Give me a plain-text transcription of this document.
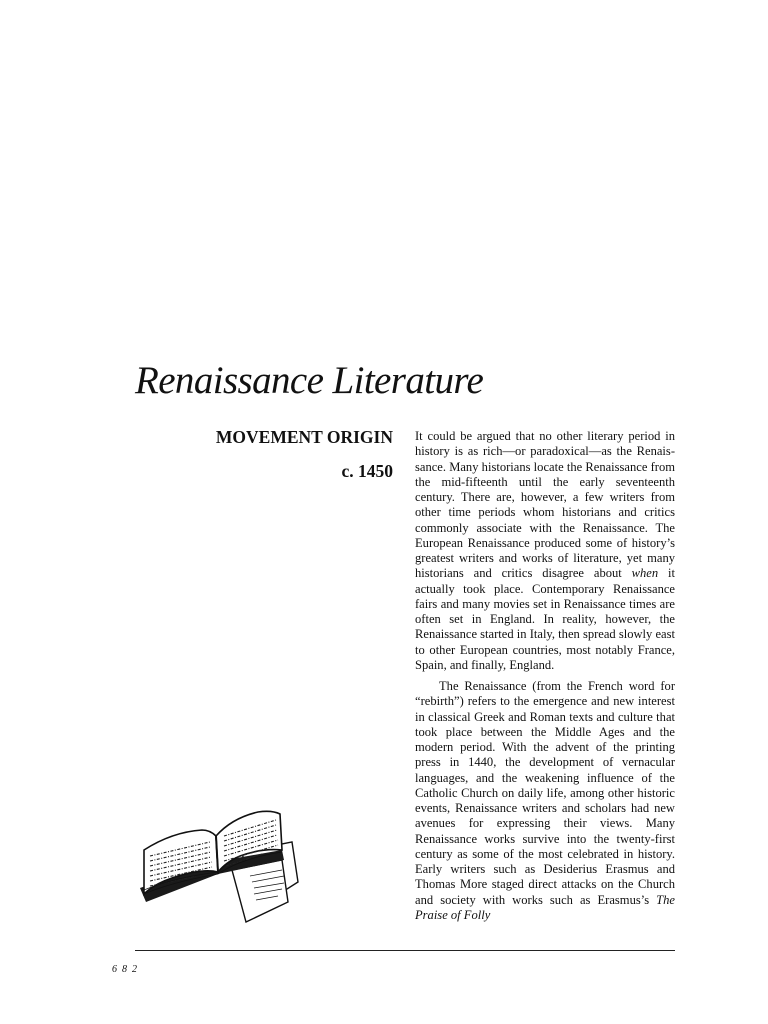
Renaissance Literature
MOVEMENT ORIGIN
c. 1450

It could be argued that no other literary period in history is as rich—or paradoxical—as the Renaissance. Many historians locate the Renaissance from the mid-fifteenth until the early seventeenth century. There are, however, a few writers from other time periods whom historians and critics commonly associate with the Renaissance. The European Renaissance produced some of history’s greatest writers and works of literature, yet many historians and critics disagree about when it actually took place. Contemporary Renaissance fairs and many movies set in Renaissance times are often set in England. In reality, however, the Renaissance started in Italy, then spread slowly east to other European countries, most notably France, Spain, and finally, England.

The Renaissance (from the French word for “rebirth”) refers to the emergence and new interest in classical Greek and Roman texts and culture that took place between the Middle Ages and the modern period. With the advent of the printing press in 1440, the development of vernacular languages, and the weakening influence of the Catholic Church on daily life, among other historic events, Renaissance writers and scholars had new avenues for expressing their views. Many Renaissance works survive into the twenty-first century as some of the most celebrated in history. Early writers such as Desiderius Erasmus and Thomas More staged direct attacks on the Church and society with works such as Erasmus’s The Praise of Folly

682
